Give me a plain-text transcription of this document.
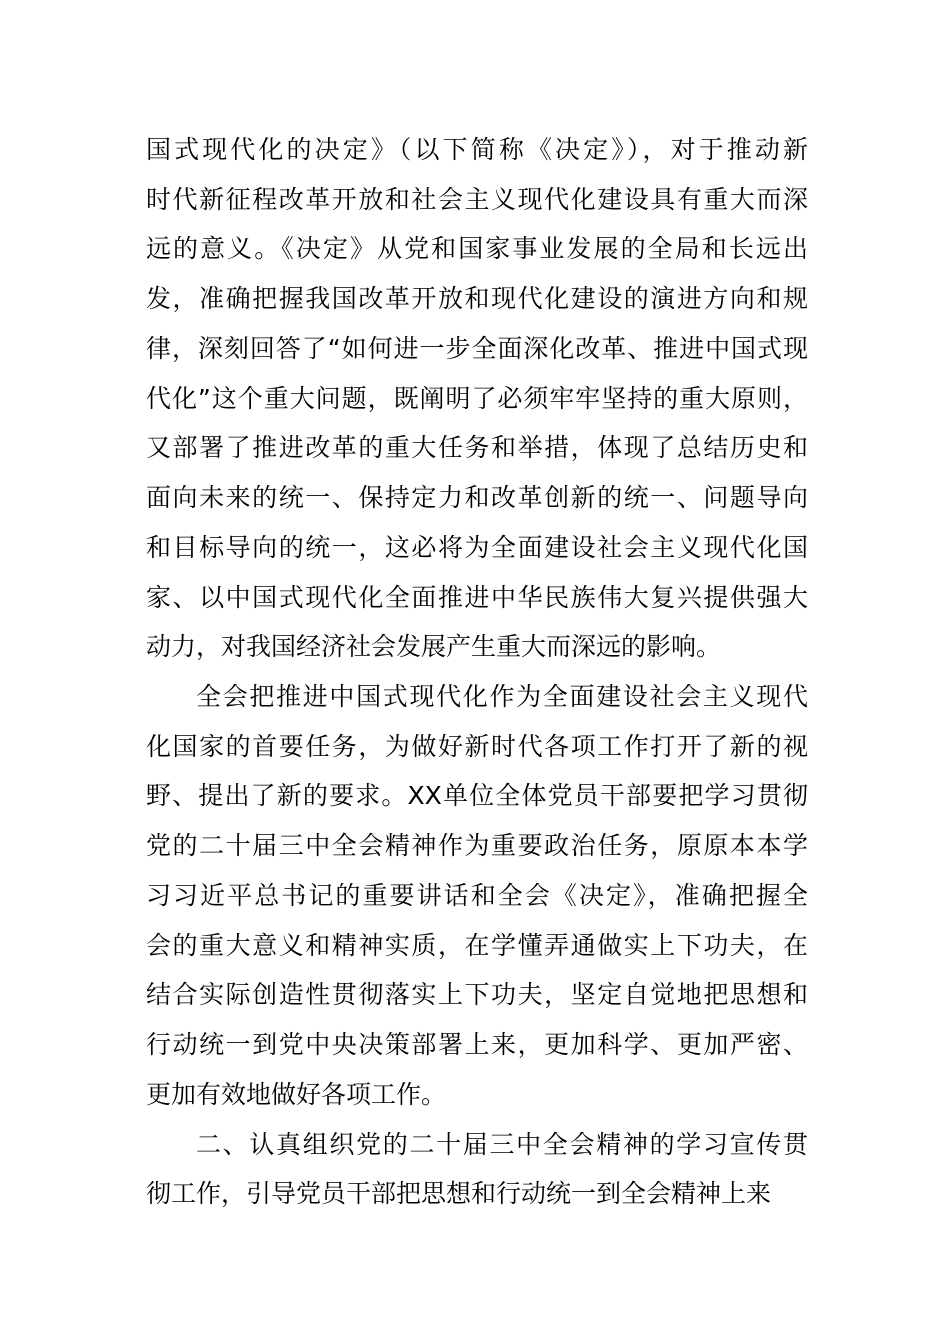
国式现代化的决定》（以下简称《决定》），对于推动新
时代新征程改革开放和社会主义现代化建设具有重大而深
远的意义。《决定》从党和国家事业发展的全局和长远出
发，准确把握我国改革开放和现代化建设的演进方向和规
律，深刻回答了“如何进一步全面深化改革、推进中国式现
代化”这个重大问题，既阐明了必须牢牢坚持的重大原则，
又部署了推进改革的重大任务和举措，体现了总结历史和
面向未来的统一、保持定力和改革创新的统一、问题导向
和目标导向的统一，这必将为全面建设社会主义现代化国
家、以中国式现代化全面推进中华民族伟大复兴提供强大
动力，对我国经济社会发展产生重大而深远的影响。
全会把推进中国式现代化作为全面建设社会主义现代
化国家的首要任务，为做好新时代各项工作打开了新的视
野、提出了新的要求。XX单位全体党员干部要把学习贯彻
党的二十届三中全会精神作为重要政治任务，原原本本学
习习近平总书记的重要讲话和全会《决定》，准确把握全
会的重大意义和精神实质，在学懂弄通做实上下功夫，在
结合实际创造性贯彻落实上下功夫，坚定自觉地把思想和
行动统一到党中央决策部署上来，更加科学、更加严密、
更加有效地做好各项工作。
二、认真组织党的二十届三中全会精神的学习宣传贯
彻工作，引导党员干部把思想和行动统一到全会精神上来
